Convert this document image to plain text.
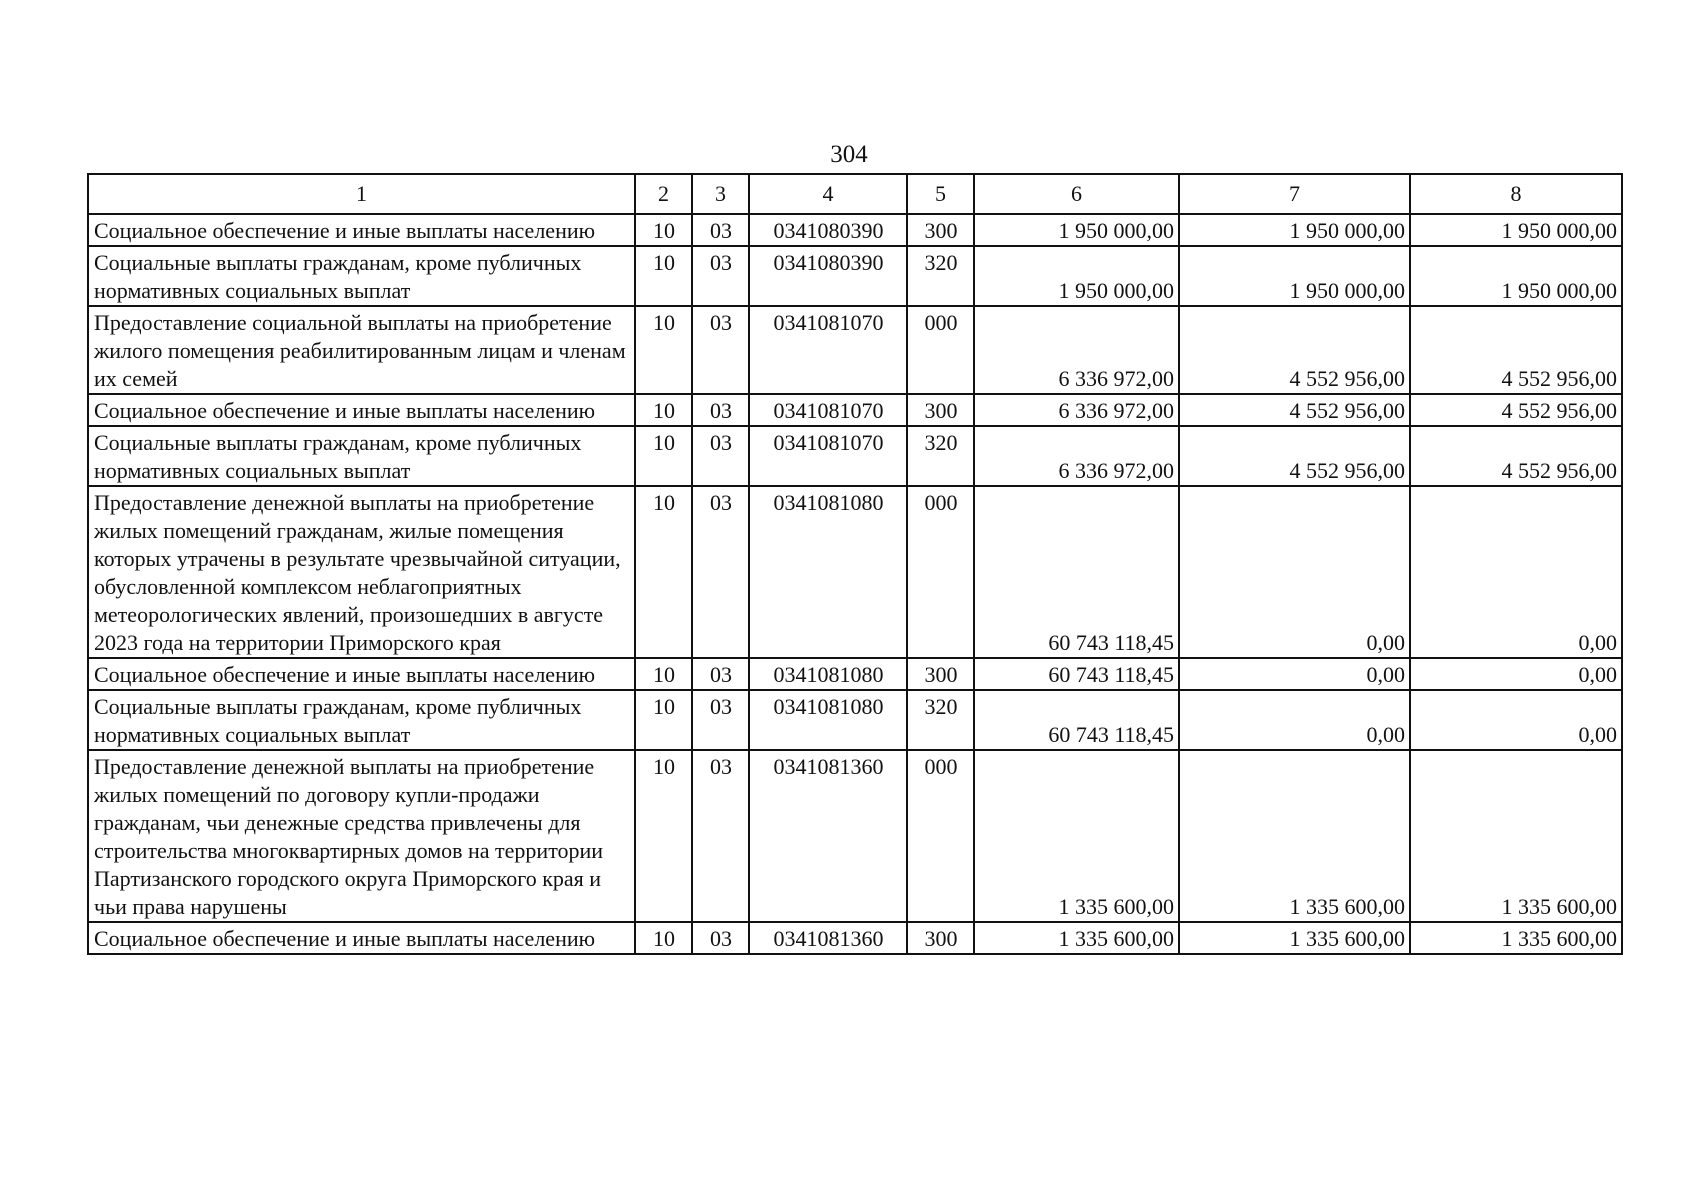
304
1	2	3	4	5	6	7	8
Социальное обеспечение и иные выплаты населению	10	03	0341080390	300	1 950 000,00	1 950 000,00	1 950 000,00
Социальные выплаты гражданам, кроме публичных нормативных социальных выплат	10	03	0341080390	320	1 950 000,00	1 950 000,00	1 950 000,00
Предоставление социальной выплаты на приобретение жилого помещения реабилитированным лицам и членам их семей	10	03	0341081070	000	6 336 972,00	4 552 956,00	4 552 956,00
Социальное обеспечение и иные выплаты населению	10	03	0341081070	300	6 336 972,00	4 552 956,00	4 552 956,00
Социальные выплаты гражданам, кроме публичных нормативных социальных выплат	10	03	0341081070	320	6 336 972,00	4 552 956,00	4 552 956,00
Предоставление денежной выплаты на приобретение жилых помещений гражданам, жилые помещения которых утрачены в результате чрезвычайной ситуации, обусловленной комплексом неблагоприятных метеорологических явлений, произошедших в августе 2023 года на территории Приморского края	10	03	0341081080	000	60 743 118,45	0,00	0,00
Социальное обеспечение и иные выплаты населению	10	03	0341081080	300	60 743 118,45	0,00	0,00
Социальные выплаты гражданам, кроме публичных нормативных социальных выплат	10	03	0341081080	320	60 743 118,45	0,00	0,00
Предоставление денежной выплаты на приобретение жилых помещений по договору купли-продажи гражданам, чьи денежные средства привлечены для строительства многоквартирных домов на территории Партизанского городского округа Приморского края и чьи права нарушены	10	03	0341081360	000	1 335 600,00	1 335 600,00	1 335 600,00
Социальное обеспечение и иные выплаты населению	10	03	0341081360	300	1 335 600,00	1 335 600,00	1 335 600,00
